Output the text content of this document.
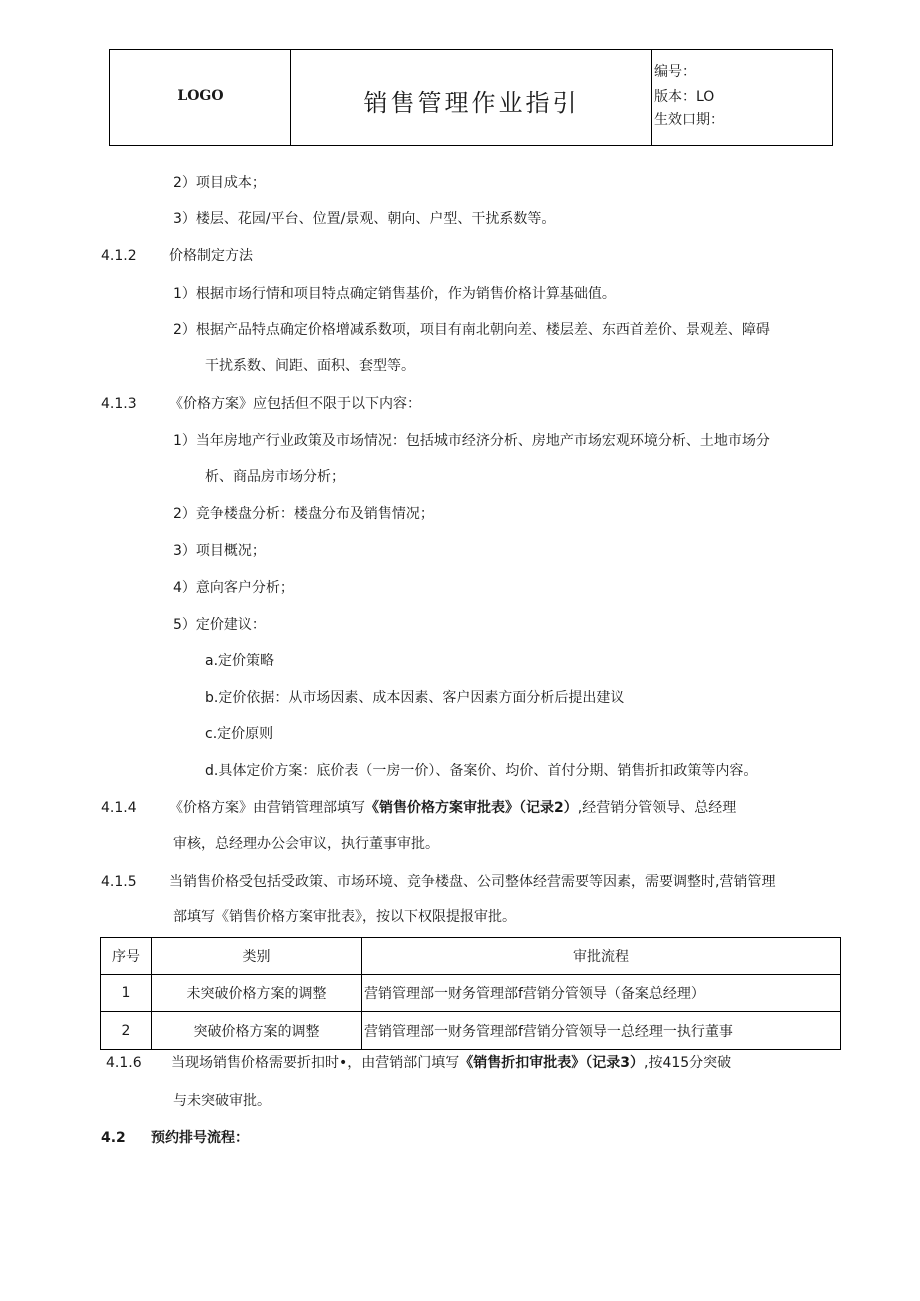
LOGO	销售管理作业指引
编号：
版本：LO
生效口期：
2）项目成本；
3）楼层、花园/平台、位置/景观、朝向、户型、干扰系数等。
4.1.2 价格制定方法
1）根据市场行情和项目特点确定销售基价，作为销售价格计算基础值。
2）根据产品特点确定价格增减系数项，项目有南北朝向差、楼层差、东西首差价、景观差、障碍
干扰系数、间距、面积、套型等。
4.1.3 《价格方案》应包括但不限于以下内容：
1）当年房地产行业政策及市场情况：包括城市经济分析、房地产市场宏观环境分析、土地市场分
析、商品房市场分析；
2）竞争楼盘分析：楼盘分布及销售情况；
3）项目概况；
4）意向客户分析；
5）定价建议：
a.定价策略
b.定价依据：从市场因素、成本因素、客户因素方面分析后提出建议
c.定价原则
d.具体定价方案：底价表（一房一价）、备案价、均价、首付分期、销售折扣政策等内容。
4.1.4 《价格方案》由营销管理部填写《销售价格方案审批表》（记录2）,经营销分管领导、总经理
审核，总经理办公会审议，执行董事审批。
4.1.5 当销售价格受包括受政策、市场环境、竞争楼盘、公司整体经营需要等因素，需要调整时,营销管理
部填写《销售价格方案审批表》，按以下权限提报审批。
序号	类别	审批流程
1	未突破价格方案的调整	营销管理部一财务管理部f营销分管领导（备案总经理）
2	突破价格方案的调整	营销管理部一财务管理部f营销分管领导一总经理一执行董事
4.1.6 当现场销售价格需要折扣时•，由营销部门填写《销售折扣审批表》（记录3）,按415分突破
与未突破审批。
4.2 预约排号流程：
